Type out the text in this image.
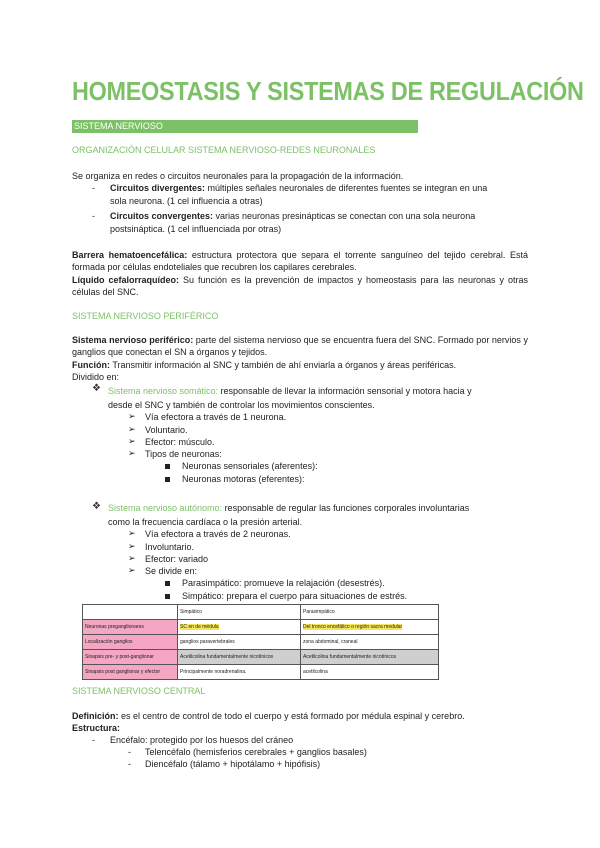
HOMEOSTASIS Y SISTEMAS DE REGULACIÓN
SISTEMA NERVIOSO
ORGANIZACIÓN CELULAR SISTEMA NERVIOSO-REDES NEURONALES
Se organiza en redes o circuitos neuronales para la propagación de la información.
- Circuitos divergentes: múltiples señales neuronales de diferentes fuentes se integran en una
sola neurona. (1 cel influencia a otras)
- Circuitos convergentes: varias neuronas presinápticas se conectan con una sola neurona
postsináptica. (1 cel influenciada por otras)
Barrera hematoencefálica: estructura protectora que separa el torrente sanguíneo del tejido cerebral. Está formada por células endoteliales que recubren los capilares cerebrales.
Líquido cefalorraquídeo: Su función es la prevención de impactos y homeostasis para las neuronas y otras células del SNC.
SISTEMA NERVIOSO PERIFÉRICO
Sistema nervioso periférico: parte del sistema nervioso que se encuentra fuera del SNC. Formado por nervios y ganglios que conectan el SN a órganos y tejidos.
Función: Transmitir información al SNC y también de ahí enviarla a órganos y áreas periféricas.
Dividido en:
❖ Sistema nervioso somático: responsable de llevar la información sensorial y motora hacia y
desde el SNC y también de controlar los movimientos conscientes.
➢ Vía efectora a través de 1 neurona.
➢ Voluntario.
➢ Efector: músculo.
➢ Tipos de neuronas:
Neuronas sensoriales (aferentes):
Neuronas motoras (eferentes):
❖ Sistema nervioso autónomo: responsable de regular las funciones corporales involuntarias
como la frecuencia cardíaca o la presión arterial.
➢ Vía efectora a través de 2 neuronas.
➢ Involuntario.
➢ Efector: variado
➢ Se divide en:
Parasimpático: promueve la relajación (desestrés).
Simpático: prepara el cuerpo para situaciones de estrés.
	Simpático	Parasimpático
Neuronas preganglionares	SC en de médula	Del tronco encefálico o región sacra medular
Localización ganglios	ganglios paravertebrales	zona abdominal, craneal
Sinapsis pre- y post-ganglionar	Acetilcolina fundamentalmente nicotínicos	Acetilcolina fundamentalmente nicotínicos
Sinapsis post ganglionar y efector	Principalmente noradrenalina.	acetilcolina
SISTEMA NERVIOSO CENTRAL
Definición: es el centro de control de todo el cuerpo y está formado por médula espinal y cerebro.
Estructura:
- Encéfalo: protegido por los huesos del cráneo
- Telencéfalo (hemisferios cerebrales + ganglios basales)
- Diencéfalo (tálamo + hipotálamo + hipófisis)
